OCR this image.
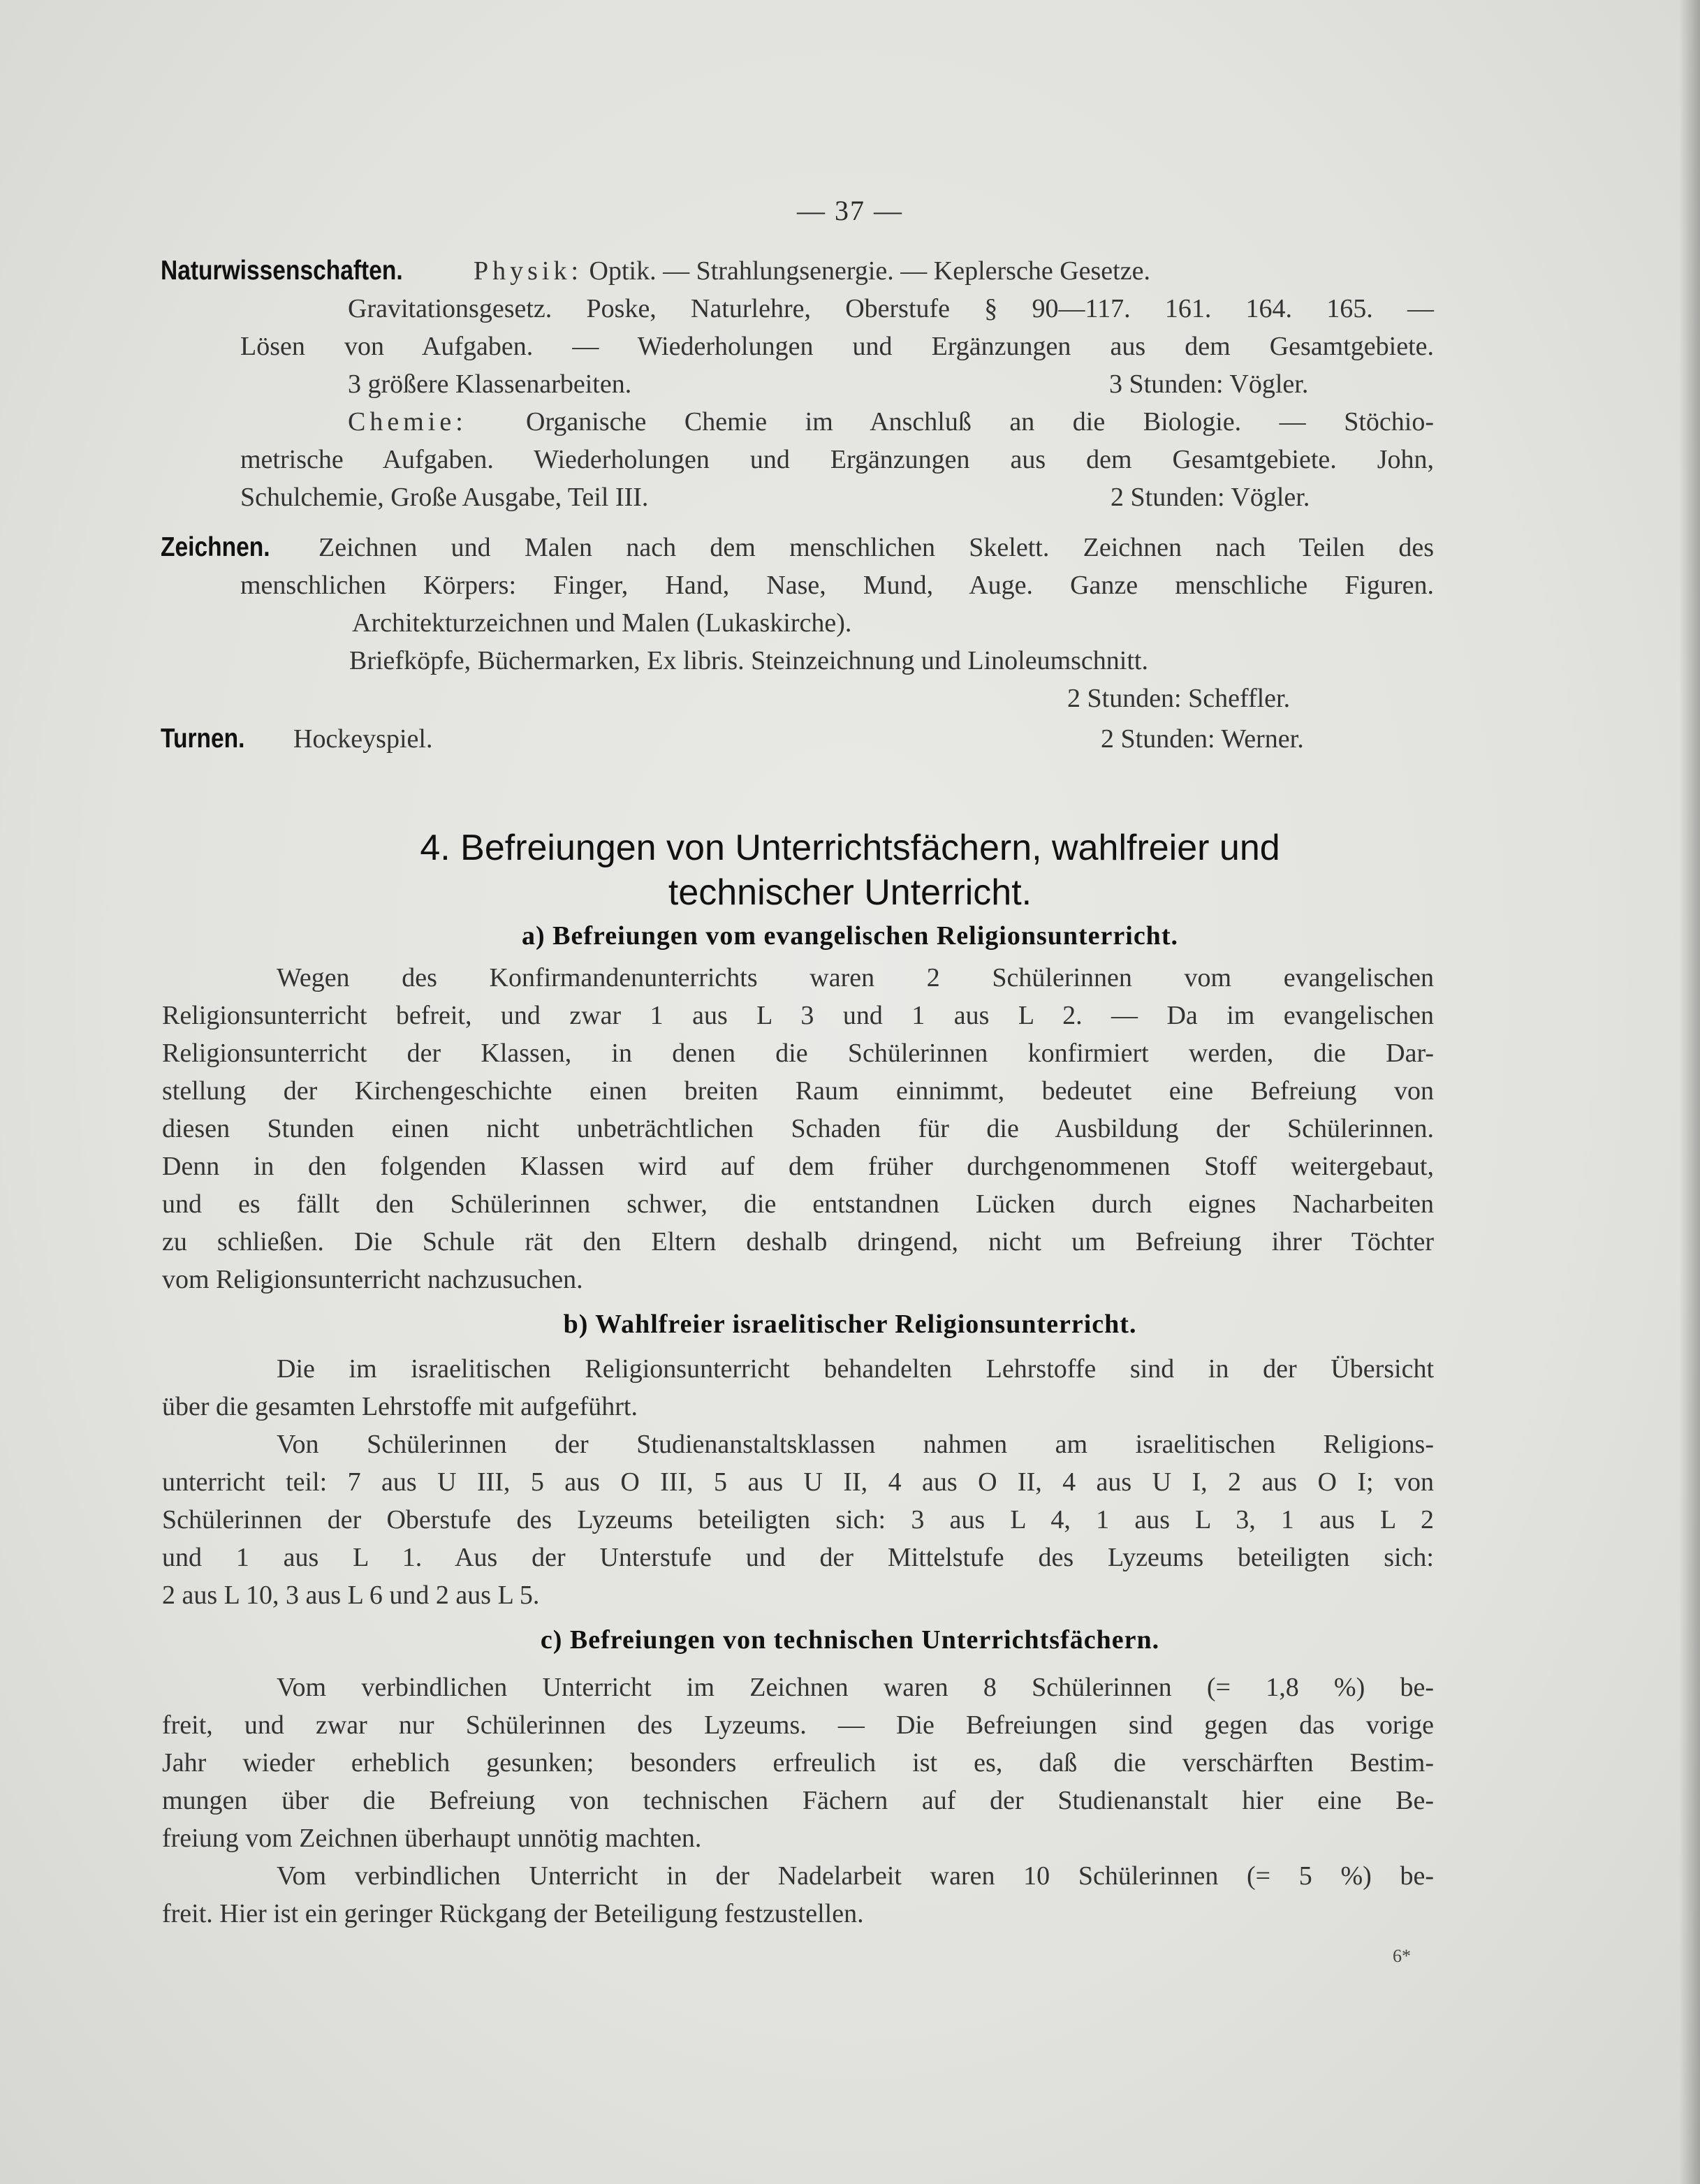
— 37 —
Naturwissenschaften.	Physik: Optik. — Strahlungsenergie. — Keplersche Gesetze.
Gravitationsgesetz. Poske, Naturlehre, Oberstufe § 90—117. 161. 164. 165. —
Lösen von Aufgaben. — Wiederholungen und Ergänzungen aus dem Gesamtgebiete.
3 größere Klassenarbeiten.	3 Stunden: Vögler.
Chemie: Organische Chemie im Anschluß an die Biologie. — Stöchio-
metrische Aufgaben. Wiederholungen und Ergänzungen aus dem Gesamtgebiete. John,
Schulchemie, Große Ausgabe, Teil III.	2 Stunden: Vögler.
Zeichnen.	Zeichnen und Malen nach dem menschlichen Skelett. Zeichnen nach Teilen des
menschlichen Körpers: Finger, Hand, Nase, Mund, Auge. Ganze menschliche Figuren.
Architekturzeichnen und Malen (Lukaskirche).
Briefköpfe, Büchermarken, Ex libris. Steinzeichnung und Linoleumschnitt.
2 Stunden: Scheffler.
Turnen.	Hockeyspiel.	2 Stunden: Werner.
4. Befreiungen von Unterrichtsfächern, wahlfreier und
technischer Unterricht.
a) Befreiungen vom evangelischen Religionsunterricht.
Wegen des Konfirmandenunterrichts waren 2 Schülerinnen vom evangelischen
Religionsunterricht befreit, und zwar 1 aus L 3 und 1 aus L 2. — Da im evangelischen
Religionsunterricht der Klassen, in denen die Schülerinnen konfirmiert werden, die Dar-
stellung der Kirchengeschichte einen breiten Raum einnimmt, bedeutet eine Befreiung von
diesen Stunden einen nicht unbeträchtlichen Schaden für die Ausbildung der Schülerinnen.
Denn in den folgenden Klassen wird auf dem früher durchgenommenen Stoff weitergebaut,
und es fällt den Schülerinnen schwer, die entstandnen Lücken durch eignes Nacharbeiten
zu schließen. Die Schule rät den Eltern deshalb dringend, nicht um Befreiung ihrer Töchter
vom Religionsunterricht nachzusuchen.
b) Wahlfreier israelitischer Religionsunterricht.
Die im israelitischen Religionsunterricht behandelten Lehrstoffe sind in der Übersicht
über die gesamten Lehrstoffe mit aufgeführt.
Von Schülerinnen der Studienanstaltsklassen nahmen am israelitischen Religions-
unterricht teil: 7 aus U III, 5 aus O III, 5 aus U II, 4 aus O II, 4 aus U I, 2 aus O I; von
Schülerinnen der Oberstufe des Lyzeums beteiligten sich: 3 aus L 4, 1 aus L 3, 1 aus L 2
und 1 aus L 1. Aus der Unterstufe und der Mittelstufe des Lyzeums beteiligten sich:
2 aus L 10, 3 aus L 6 und 2 aus L 5.
c) Befreiungen von technischen Unterrichtsfächern.
Vom verbindlichen Unterricht im Zeichnen waren 8 Schülerinnen (= 1,8 %) be-
freit, und zwar nur Schülerinnen des Lyzeums. — Die Befreiungen sind gegen das vorige
Jahr wieder erheblich gesunken; besonders erfreulich ist es, daß die verschärften Bestim-
mungen über die Befreiung von technischen Fächern auf der Studienanstalt hier eine Be-
freiung vom Zeichnen überhaupt unnötig machten.
Vom verbindlichen Unterricht in der Nadelarbeit waren 10 Schülerinnen (= 5 %) be-
freit. Hier ist ein geringer Rückgang der Beteiligung festzustellen.
6*
